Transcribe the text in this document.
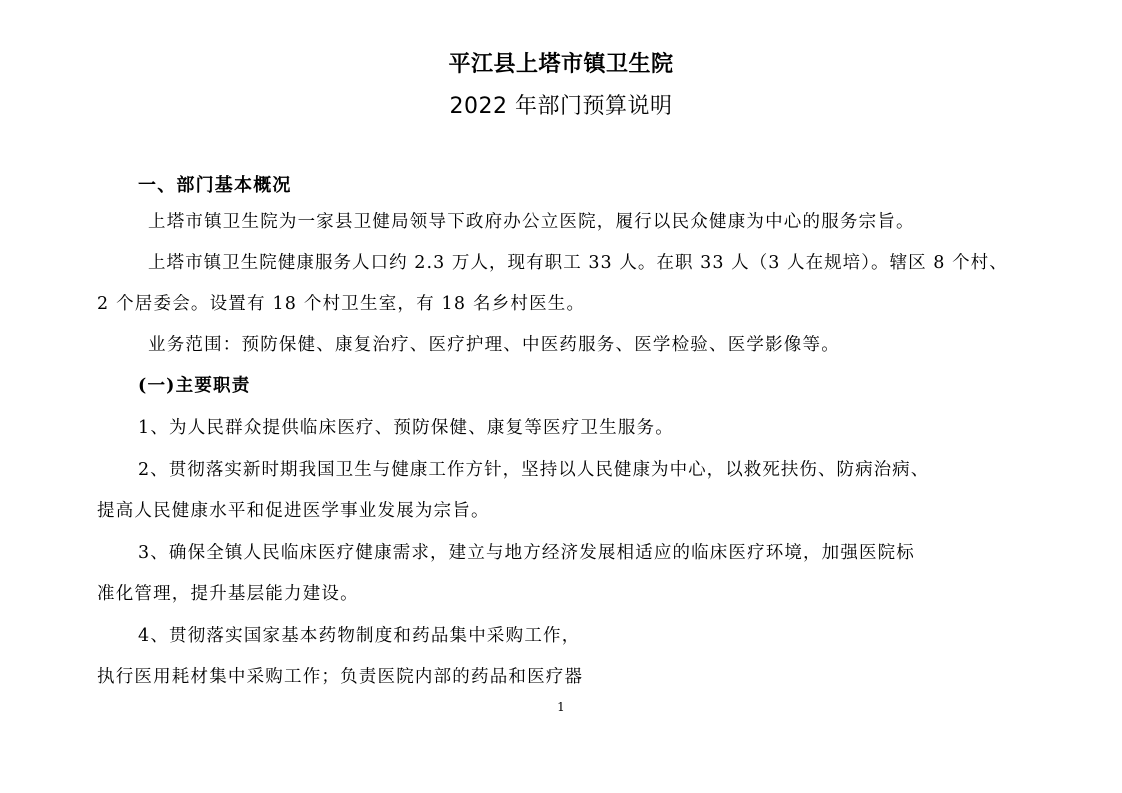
平江县上塔市镇卫生院
2022 年部门预算说明
一、部门基本概况
上塔市镇卫生院为一家县卫健局领导下政府办公立医院，履行以民众健康为中心的服务宗旨。
上塔市镇卫生院健康服务人口约 2.3 万人，现有职工 33 人。在职 33 人（3 人在规培）。辖区 8 个村、
2 个居委会。设置有 18 个村卫生室，有 18 名乡村医生。
业务范围：预防保健、康复治疗、医疗护理、中医药服务、医学检验、医学影像等。
(一)主要职责
1、为人民群众提供临床医疗、预防保健、康复等医疗卫生服务。
2、贯彻落实新时期我国卫生与健康工作方针，坚持以人民健康为中心，以救死扶伤、防病治病、
提高人民健康水平和促进医学事业发展为宗旨。
3、确保全镇人民临床医疗健康需求，建立与地方经济发展相适应的临床医疗环境，加强医院标
准化管理，提升基层能力建设。
4、贯彻落实国家基本药物制度和药品集中采购工作，
执行医用耗材集中采购工作；负责医院内部的药品和医疗器
1
